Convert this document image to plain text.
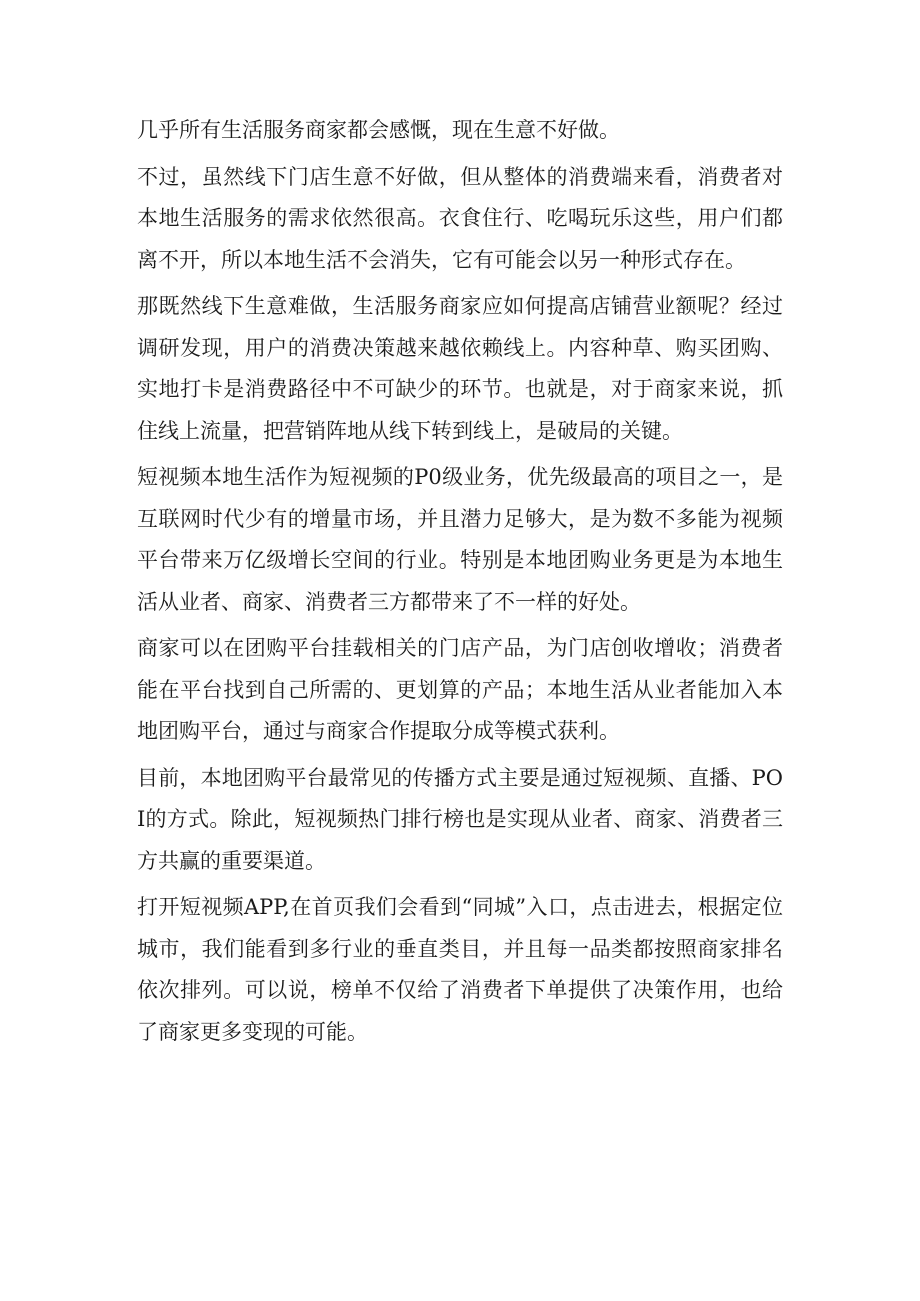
几乎所有生活服务商家都会感慨，现在生意不好做。

不过，虽然线下门店生意不好做，但从整体的消费端来看，消费者对本地生活服务的需求依然很高。衣食住行、吃喝玩乐这些，用户们都离不开，所以本地生活不会消失，它有可能会以另一种形式存在。

那既然线下生意难做，生活服务商家应如何提高店铺营业额呢？经过调研发现，用户的消费决策越来越依赖线上。内容种草、购买团购、实地打卡是消费路径中不可缺少的环节。也就是，对于商家来说，抓住线上流量，把营销阵地从线下转到线上，是破局的关键。

短视频本地生活作为短视频的P0级业务，优先级最高的项目之一，是互联网时代少有的增量市场，并且潜力足够大，是为数不多能为视频平台带来万亿级增长空间的行业。特别是本地团购业务更是为本地生活从业者、商家、消费者三方都带来了不一样的好处。

商家可以在团购平台挂载相关的门店产品，为门店创收增收；消费者能在平台找到自己所需的、更划算的产品；本地生活从业者能加入本地团购平台，通过与商家合作提取分成等模式获利。

目前，本地团购平台最常见的传播方式主要是通过短视频、直播、POI的方式。除此，短视频热门排行榜也是实现从业者、商家、消费者三方共赢的重要渠道。

打开短视频APP,在首页我们会看到“同城”入口，点击进去，根据定位城市，我们能看到多行业的垂直类目，并且每一品类都按照商家排名依次排列。可以说，榜单不仅给了消费者下单提供了决策作用，也给了商家更多变现的可能。
